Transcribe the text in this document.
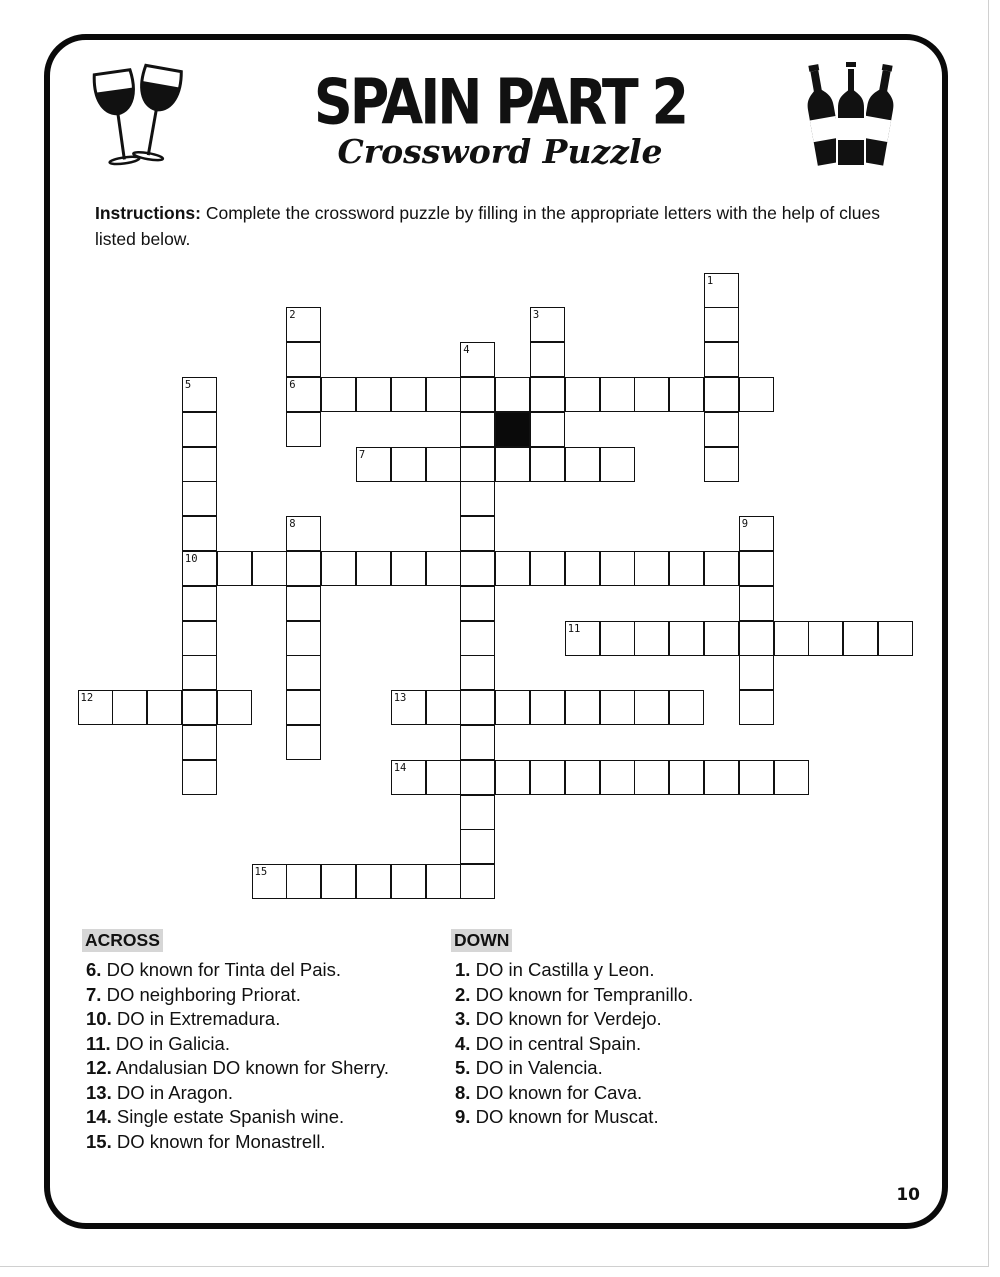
SPAIN PART 2
Crossword Puzzle
Instructions: Complete the crossword puzzle by filling in the appropriate letters with the help of clues listed below.
1
2
6
3
4
5
10
7
8	9
11
12	13
14
15
ACROSS
6. DO known for Tinta del Pais.
7. DO neighboring Priorat.
10. DO in Extremadura.
11. DO in Galicia.
12. Andalusian DO known for Sherry.
13. DO in Aragon.
14. Single estate Spanish wine.
15. DO known for Monastrell.
DOWN
1. DO in Castilla y Leon.
2. DO known for Tempranillo.
3. DO known for Verdejo.
4. DO in central Spain.
5. DO in Valencia.
8. DO known for Cava.
9. DO known for Muscat.
10
